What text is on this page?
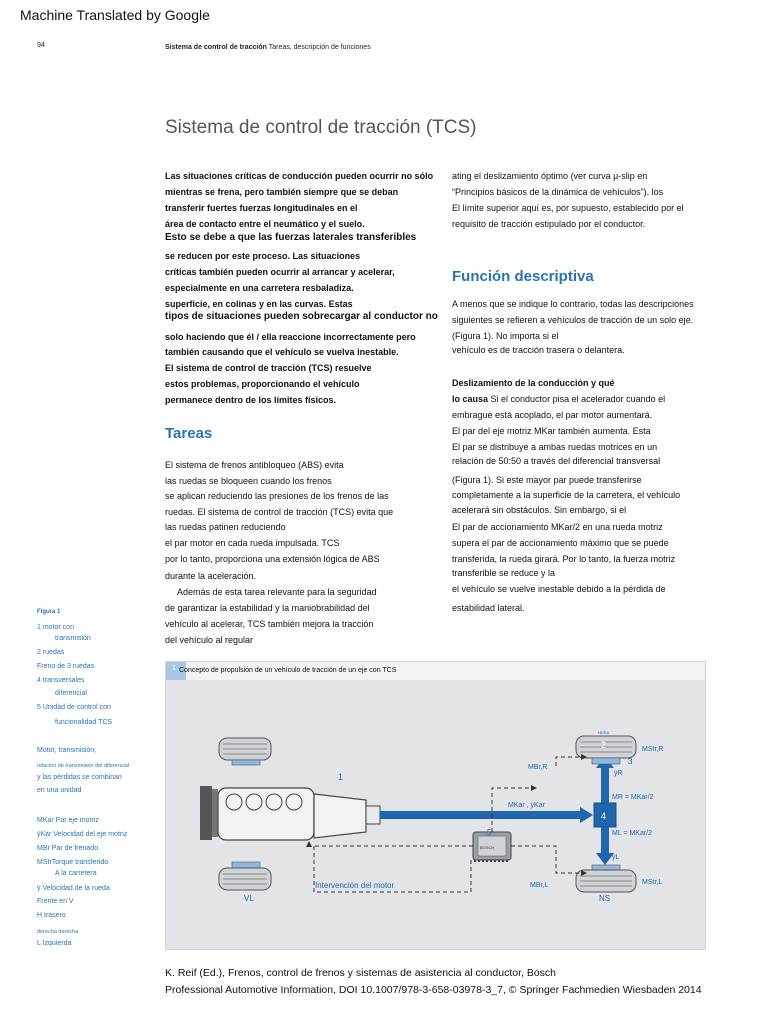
Machine Translated by Google
94	Sistema de control de tracción Tareas, descripción de funciones
Sistema de control de tracción (TCS)
Las situaciones críticas de conducción pueden ocurrir no sólo
mientras se frena, pero también siempre que se deban
transferir fuertes fuerzas longitudinales en el
área de contacto entre el neumático y el suelo.
Esto se debe a que las fuerzas laterales transferibles
se reducen por este proceso. Las situaciones
críticas también pueden ocurrir al arrancar y acelerar,
especialmente en una carretera resbaladiza.
superficie, en colinas y en las curvas. Estas
tipos de situaciones pueden sobrecargar al conductor no
solo haciendo que él / ella reaccione incorrectamente pero
también causando que el vehículo se vuelva inestable.
El sistema de control de tracción (TCS) resuelve
estos problemas, proporcionando el vehículo
permanece dentro de los límites físicos.
Tareas
El sistema de frenos antibloqueo (ABS) evita
las ruedas se bloqueen cuando los frenos
se aplican reduciendo las presiones de los frenos de las
ruedas. El sistema de control de tracción (TCS) evita que
las ruedas patinen reduciendo
el par motor en cada rueda impulsada. TCS
por lo tanto, proporciona una extensión lógica de ABS
durante la aceleración.
Además de esta tarea relevante para la seguridad
de garantizar la estabilidad y la maniobrabilidad del
vehículo al acelerar, TCS también mejora la tracción
del vehículo al regular
ating el deslizamiento óptimo (ver curva µ-slip en
“Principios básicos de la dinámica de vehículos”). los
El límite superior aquí es, por supuesto, establecido por el
requisito de tracción estipulado por el conductor.
Función descriptiva
A menos que se indique lo contrario, todas las descripciones
siguientes se refieren a vehículos de tracción de un solo eje.
(Figura 1). No importa si el
vehículo es de tracción trasera o delantera.
Deslizamiento de la conducción y qué
lo causa Si el conductor pisa el acelerador cuando el
embrague está acoplado, el par motor aumentará.
El par del eje motriz MKar también aumenta. Esta
El par se distribuye a ambas ruedas motrices en un
relación de 50:50 a través del diferencial transversal
(Figura 1). Si este mayor par puede transferirse
completamente a la superficie de la carretera, el vehículo
acelerará sin obstáculos. Sin embargo, si el
El par de accionamiento MKar/2 en una rueda motriz
supera el par de accionamiento máximo que se puede
transferida, la rueda girará. Por lo tanto, la fuerza motriz
transferible se reduce y la
el vehículo se vuelve inestable debido a la pérdida de
estabilidad lateral.
Figura 1
1 motor con
transmisión
2 ruedas
Freno de 3 ruedas
4 transversales
diferencial
5 Unidad de control con
funcionalidad TCS
Motor, transmisión,
relación de transmisión del diferencial
y las pérdidas se combinan
en una unidad
MKar Par eje motriz
ÿKar Velocidad del eje motriz
MBr Par de frenado
MStrTorque transferido
A la carretera
ÿ Velocidad de la rueda
Frente en V
H trasero
derecha derecha
L Izquierda
1 Concepto de propulsión de un vehículo de tracción de un eje con TCS
1
2
3
4
5
BOSCH
VL	NS
HDRA
MStr,R
MStr,L
MBr,R
MBr,L
ÿR
ÿL
MR = MKar/2
ML = MKar/2
MKar , ÿKar
Intervención del motor
K. Reif (Ed.), Frenos, control de frenos y sistemas de asistencia al conductor, Bosch
Professional Automotive Information, DOI 10.1007/978-3-658-03978-3_7, © Springer Fachmedien Wiesbaden 2014
